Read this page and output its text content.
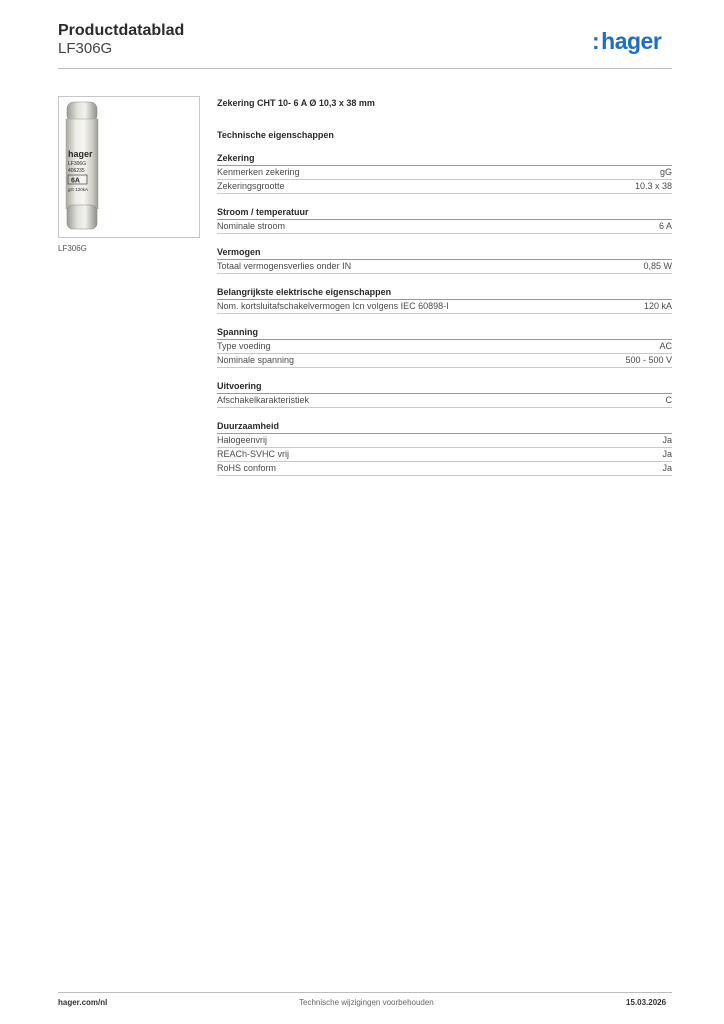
Productdatablad
LF306G	:hager
hager
LF306G
406235
6A
gG 120kA
LF306G
Zekering CHT 10- 6 A Ø 10,3 x 38 mm
Technische eigenschappen
Zekering
Kenmerken zekering	gG
Zekeringsgrootte	10.3 x 38
Stroom / temperatuur
Nominale stroom	6 A
Vermogen
Totaal vermogensverlies onder IN	0,85 W
Belangrijkste elektrische eigenschappen
Nom. kortsluitafschakelvermogen Icn volgens IEC 60898-I	120 kA
Spanning
Type voeding	AC
Nominale spanning	500 - 500 V
Uitvoering
Afschakelkarakteristiek	C
Duurzaamheid
Halogeenvrij	Ja
REACh-SVHC vrij	Ja
RoHS conform	Ja
hager.com/nl	Technische wijzigingen voorbehouden	15.03.2026
